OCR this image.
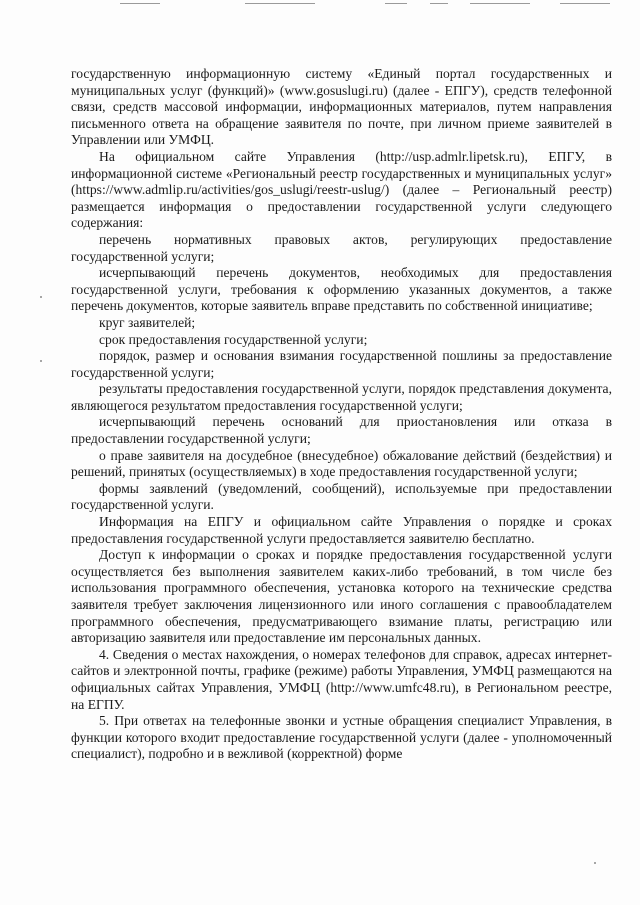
государственную информационную систему «Единый портал государственных и муниципальных услуг (функций)» (www.gosuslugi.ru) (далее - ЕПГУ), средств телефонной связи, средств массовой информации, информационных материалов, путем направления письменного ответа на обращение заявителя по почте, при личном приеме заявителей в Управлении или УМФЦ.

На официальном сайте Управления (http://usp.admlr.lipetsk.ru), ЕПГУ, в информационной системе «Региональный реестр государственных и муниципальных услуг» (https://www.admlip.ru/activities/gos_uslugi/reestr-uslug/) (далее – Региональный реестр) размещается информация о предоставлении государственной услуги следующего содержания:

перечень нормативных правовых актов, регулирующих предоставление государственной услуги;

исчерпывающий перечень документов, необходимых для предоставления государственной услуги, требования к оформлению указанных документов, а также перечень документов, которые заявитель вправе представить по собственной инициативе;

круг заявителей;

срок предоставления государственной услуги;

порядок, размер и основания взимания государственной пошлины за предоставление государственной услуги;

результаты предоставления государственной услуги, порядок представления документа, являющегося результатом предоставления государственной услуги;

исчерпывающий перечень оснований для приостановления или отказа в предоставлении государственной услуги;

о праве заявителя на досудебное (внесудебное) обжалование действий (бездействия) и решений, принятых (осуществляемых) в ходе предоставления государственной услуги;

формы заявлений (уведомлений, сообщений), используемые при предоставлении государственной услуги.

Информация на ЕПГУ и официальном сайте Управления о порядке и сроках предоставления государственной услуги предоставляется заявителю бесплатно.

Доступ к информации о сроках и порядке предоставления государственной услуги осуществляется без выполнения заявителем каких-либо требований, в том числе без использования программного обеспечения, установка которого на технические средства заявителя требует заключения лицензионного или иного соглашения с правообладателем программного обеспечения, предусматривающего взимание платы, регистрацию или авторизацию заявителя или предоставление им персональных данных.

4. Сведения о местах нахождения, о номерах телефонов для справок, адресах интернет-сайтов и электронной почты, графике (режиме) работы Управления, УМФЦ размещаются на официальных сайтах Управления, УМФЦ (http://www.umfc48.ru), в Региональном реестре, на ЕГПУ.

5. При ответах на телефонные звонки и устные обращения специалист Управления, в функции которого входит предоставление государственной услуги (далее - уполномоченный специалист), подробно и в вежливой (корректной) форме
